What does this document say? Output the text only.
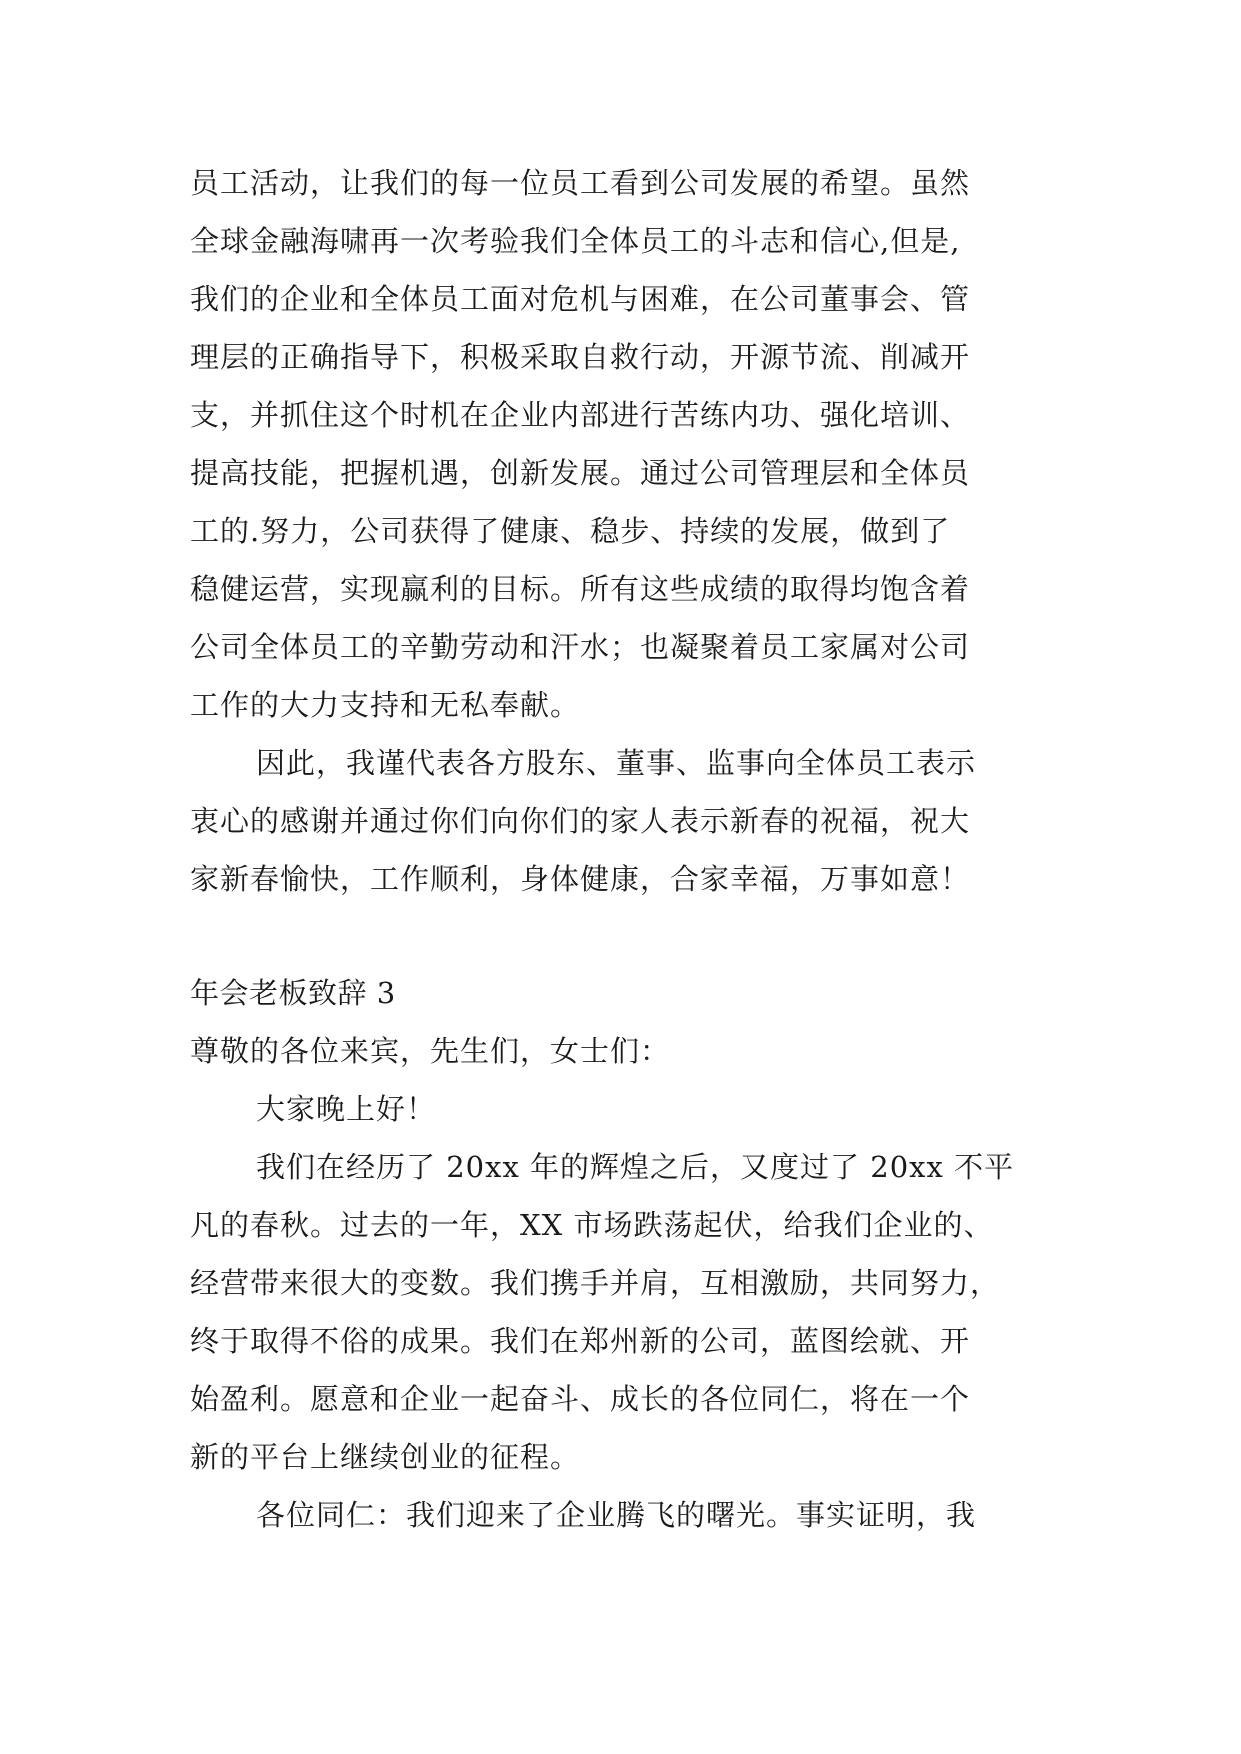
员工活动，让我们的每一位员工看到公司发展的希望。虽然
全球金融海啸再一次考验我们全体员工的斗志和信心,但是,
我们的企业和全体员工面对危机与困难，在公司董事会、管
理层的正确指导下，积极采取自救行动，开源节流、削减开
支，并抓住这个时机在企业内部进行苦练内功、强化培训、
提高技能，把握机遇，创新发展。通过公司管理层和全体员
工的.努力，公司获得了健康、稳步、持续的发展，做到了
稳健运营，实现赢利的目标。所有这些成绩的取得均饱含着
公司全体员工的辛勤劳动和汗水；也凝聚着员工家属对公司
工作的大力支持和无私奉献。
因此，我谨代表各方股东、董事、监事向全体员工表示
衷心的感谢并通过你们向你们的家人表示新春的祝福，祝大
家新春愉快，工作顺利，身体健康，合家幸福，万事如意！
年会老板致辞 3
尊敬的各位来宾，先生们，女士们：
大家晚上好！
我们在经历了 20xx 年的辉煌之后，又度过了 20xx 不平
凡的春秋。过去的一年，XX 市场跌荡起伏，给我们企业的、
经营带来很大的变数。我们携手并肩，互相激励，共同努力，
终于取得不俗的成果。我们在郑州新的公司，蓝图绘就、开
始盈利。愿意和企业一起奋斗、成长的各位同仁，将在一个
新的平台上继续创业的征程。
各位同仁：我们迎来了企业腾飞的曙光。事实证明，我
